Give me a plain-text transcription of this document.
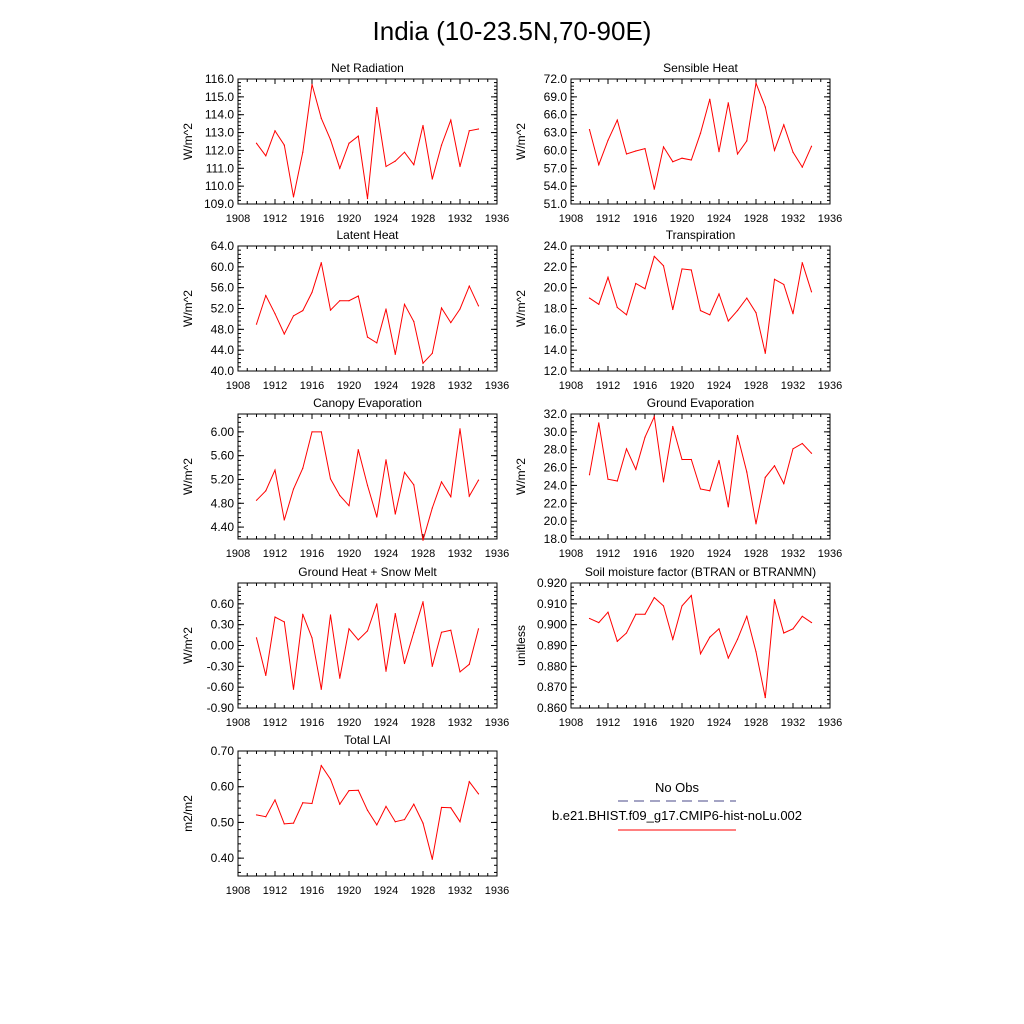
India (10-23.5N,70-90E)
Net Radiation
W/m^2
1908 1912 1916 1920 1924 1928 1932 1936
109.0
110.0
111.0
112.0
113.0
114.0
115.0
116.0
Sensible Heat
W/m^2
1908 1912 1916 1920 1924 1928 1932 1936
51.0
54.0
57.0
60.0
63.0
66.0
69.0
72.0
Latent Heat
W/m^2
1908 1912 1916 1920 1924 1928 1932 1936
40.0
44.0
48.0
52.0
56.0
60.0
64.0
Transpiration
W/m^2
1908 1912 1916 1920 1924 1928 1932 1936
12.0
14.0
16.0
18.0
20.0
22.0
24.0
Canopy Evaporation
W/m^2
1908 1912 1916 1920 1924 1928 1932 1936
4.40
4.80
5.20
5.60
6.00
Ground Evaporation
W/m^2
1908 1912 1916 1920 1924 1928 1932 1936
18.0
20.0
22.0
24.0
26.0
28.0
30.0
32.0
Ground Heat + Snow Melt
W/m^2
1908 1912 1916 1920 1924 1928 1932 1936
-0.90
-0.60
-0.30
0.00
0.30
0.60
Soil moisture factor (BTRAN or BTRANMN)
unitless
1908 1912 1916 1920 1924 1928 1932 1936
0.860
0.870
0.880
0.890
0.900
0.910
0.920
Total LAI
m2/m2
1908 1912 1916 1920 1924 1928 1932 1936
0.40
0.50
0.60
0.70
No Obs
b.e21.BHIST.f09_g17.CMIP6-hist-noLu.002
